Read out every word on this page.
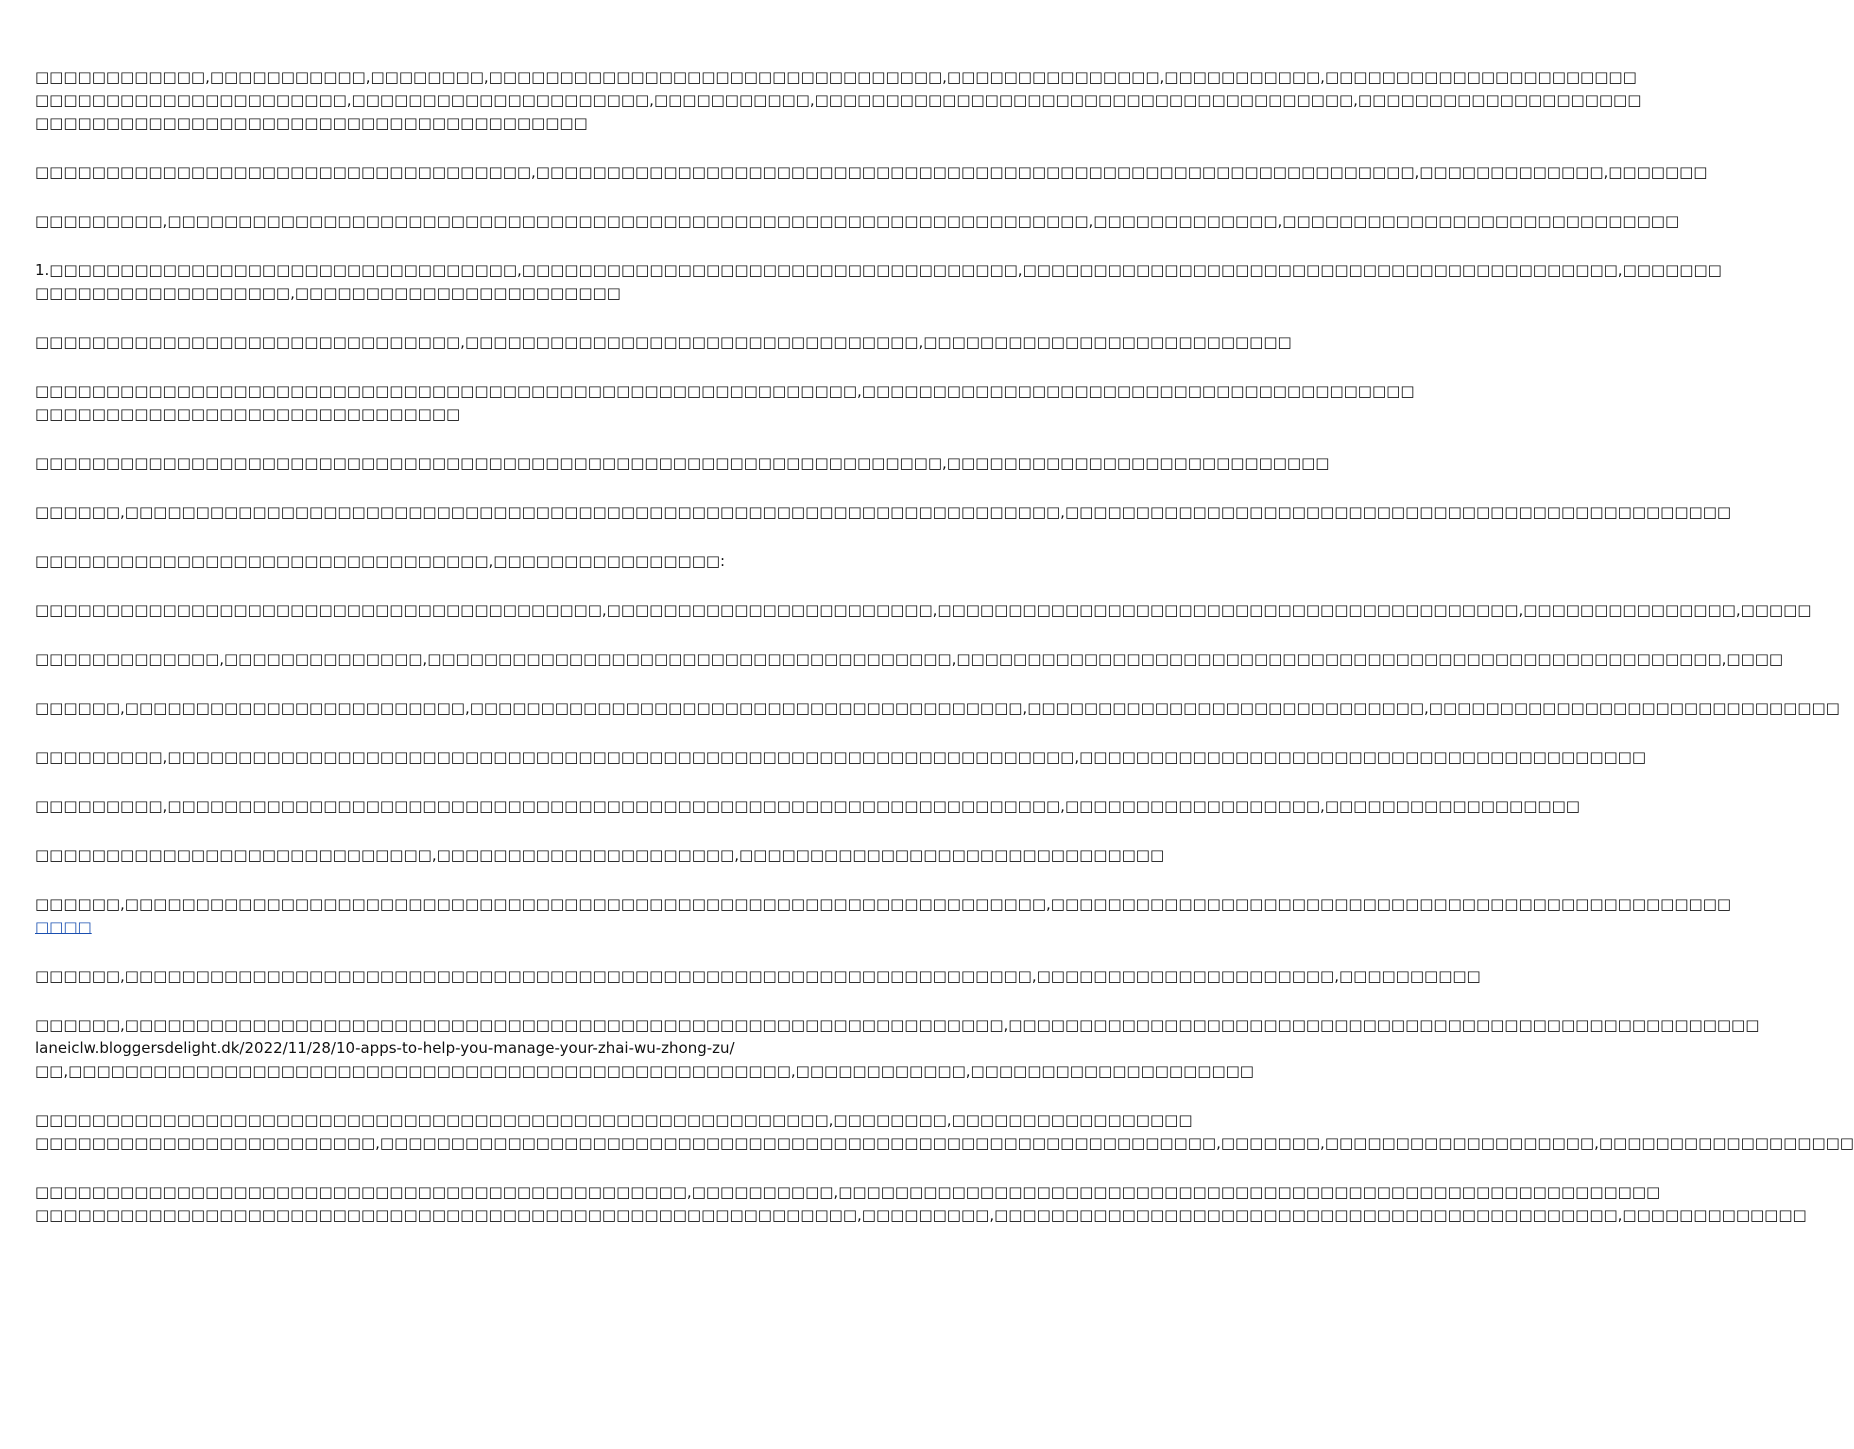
□□□□□□□□□□□□,□□□□□□□□□□□,□□□□□□□□,□□□□□□□□□□□□□□□□□□□□□□□□□□□□□□□□,□□□□□□□□□□□□□□□,□□□□□□□□□□□,□□□□□□□□□□□□□□□□□□□□□□
□□□□□□□□□□□□□□□□□□□□□□,□□□□□□□□□□□□□□□□□□□□□,□□□□□□□□□□□,□□□□□□□□□□□□□□□□□□□□□□□□□□□□□□□□□□□□□□,□□□□□□□□□□□□□□□□□□□□
□□□□□□□□□□□□□□□□□□□□□□□□□□□□□□□□□□□□□□□

□□□□□□□□□□□□□□□□□□□□□□□□□□□□□□□□□□□,□□□□□□□□□□□□□□□□□□□□□□□□□□□□□□□□□□□□□□□□□□□□□□□□□□□□□□□□□□□□□□,□□□□□□□□□□□□□,□□□□□□□

□□□□□□□□□,□□□□□□□□□□□□□□□□□□□□□□□□□□□□□□□□□□□□□□□□□□□□□□□□□□□□□□□□□□□□□□□□□,□□□□□□□□□□□□□,□□□□□□□□□□□□□□□□□□□□□□□□□□□□

1.□□□□□□□□□□□□□□□□□□□□□□□□□□□□□□□□□,□□□□□□□□□□□□□□□□□□□□□□□□□□□□□□□□□□□,□□□□□□□□□□□□□□□□□□□□□□□□□□□□□□□□□□□□□□□□□□,□□□□□□□
□□□□□□□□□□□□□□□□□□,□□□□□□□□□□□□□□□□□□□□□□□

□□□□□□□□□□□□□□□□□□□□□□□□□□□□□□,□□□□□□□□□□□□□□□□□□□□□□□□□□□□□□□□,□□□□□□□□□□□□□□□□□□□□□□□□□□

□□□□□□□□□□□□□□□□□□□□□□□□□□□□□□□□□□□□□□□□□□□□□□□□□□□□□□□□□□,□□□□□□□□□□□□□□□□□□□□□□□□□□□□□□□□□□□□□□□
□□□□□□□□□□□□□□□□□□□□□□□□□□□□□□

□□□□□□□□□□□□□□□□□□□□□□□□□□□□□□□□□□□□□□□□□□□□□□□□□□□□□□□□□□□□□□□□,□□□□□□□□□□□□□□□□□□□□□□□□□□□

□□□□□□,□□□□□□□□□□□□□□□□□□□□□□□□□□□□□□□□□□□□□□□□□□□□□□□□□□□□□□□□□□□□□□□□□□,□□□□□□□□□□□□□□□□□□□□□□□□□□□□□□□□□□□□□□□□□□□□□□□

□□□□□□□□□□□□□□□□□□□□□□□□□□□□□□□□,□□□□□□□□□□□□□□□□:

□□□□□□□□□□□□□□□□□□□□□□□□□□□□□□□□□□□□□□□□,□□□□□□□□□□□□□□□□□□□□□□□,□□□□□□□□□□□□□□□□□□□□□□□□□□□□□□□□□□□□□□□□□,□□□□□□□□□□□□□□□,□□□□□

□□□□□□□□□□□□□,□□□□□□□□□□□□□□,□□□□□□□□□□□□□□□□□□□□□□□□□□□□□□□□□□□□□,□□□□□□□□□□□□□□□□□□□□□□□□□□□□□□□□□□□□□□□□□□□□□□□□□□□□□□,□□□□

□□□□□□,□□□□□□□□□□□□□□□□□□□□□□□□,□□□□□□□□□□□□□□□□□□□□□□□□□□□□□□□□□□□□□□□,□□□□□□□□□□□□□□□□□□□□□□□□□□□□,□□□□□□□□□□□□□□□□□□□□□□□□□□□□□

□□□□□□□□□,□□□□□□□□□□□□□□□□□□□□□□□□□□□□□□□□□□□□□□□□□□□□□□□□□□□□□□□□□□□□□□□□,□□□□□□□□□□□□□□□□□□□□□□□□□□□□□□□□□□□□□□□□

□□□□□□□□□,□□□□□□□□□□□□□□□□□□□□□□□□□□□□□□□□□□□□□□□□□□□□□□□□□□□□□□□□□□□□□□□,□□□□□□□□□□□□□□□□□□,□□□□□□□□□□□□□□□□□□

□□□□□□□□□□□□□□□□□□□□□□□□□□□□,□□□□□□□□□□□□□□□□□□□□□,□□□□□□□□□□□□□□□□□□□□□□□□□□□□□□

□□□□□□,□□□□□□□□□□□□□□□□□□□□□□□□□□□□□□□□□□□□□□□□□□□□□□□□□□□□□□□□□□□□□□□□□,□□□□□□□□□□□□□□□□□□□□□□□□□□□□□□□□□□□□□□□□□□□□□□□□
□□□□

□□□□□□,□□□□□□□□□□□□□□□□□□□□□□□□□□□□□□□□□□□□□□□□□□□□□□□□□□□□□□□□□□□□□□□□,□□□□□□□□□□□□□□□□□□□□□,□□□□□□□□□□

□□□□□□,□□□□□□□□□□□□□□□□□□□□□□□□□□□□□□□□□□□□□□□□□□□□□□□□□□□□□□□□□□□□□□,□□□□□□□□□□□□□□□□□□□□□□□□□□□□□□□□□□□□□□□□□□□□□□□□□□□□□
laneiclw.bloggersdelight.dk/2022/11/28/10-apps-to-help-you-manage-your-zhai-wu-zhong-zu/
□□,□□□□□□□□□□□□□□□□□□□□□□□□□□□□□□□□□□□□□□□□□□□□□□□□□□□,□□□□□□□□□□□□,□□□□□□□□□□□□□□□□□□□□

□□□□□□□□□□□□□□□□□□□□□□□□□□□□□□□□□□□□□□□□□□□□□□□□□□□□□□□□,□□□□□□□□,□□□□□□□□□□□□□□□□□
□□□□□□□□□□□□□□□□□□□□□□□□,□□□□□□□□□□□□□□□□□□□□□□□□□□□□□□□□□□□□□□□□□□□□□□□□□□□□□□□□□□□,□□□□□□□,□□□□□□□□□□□□□□□□□□□,□□□□□□□□□□□□□□□□□□

□□□□□□□□□□□□□□□□□□□□□□□□□□□□□□□□□□□□□□□□□□□□□□,□□□□□□□□□□,□□□□□□□□□□□□□□□□□□□□□□□□□□□□□□□□□□□□□□□□□□□□□□□□□□□□□□□□□□
□□□□□□□□□□□□□□□□□□□□□□□□□□□□□□□□□□□□□□□□□□□□□□□□□□□□□□□□□□,□□□□□□□□□,□□□□□□□□□□□□□□□□□□□□□□□□□□□□□□□□□□□□□□□□□□□□,□□□□□□□□□□□□□
